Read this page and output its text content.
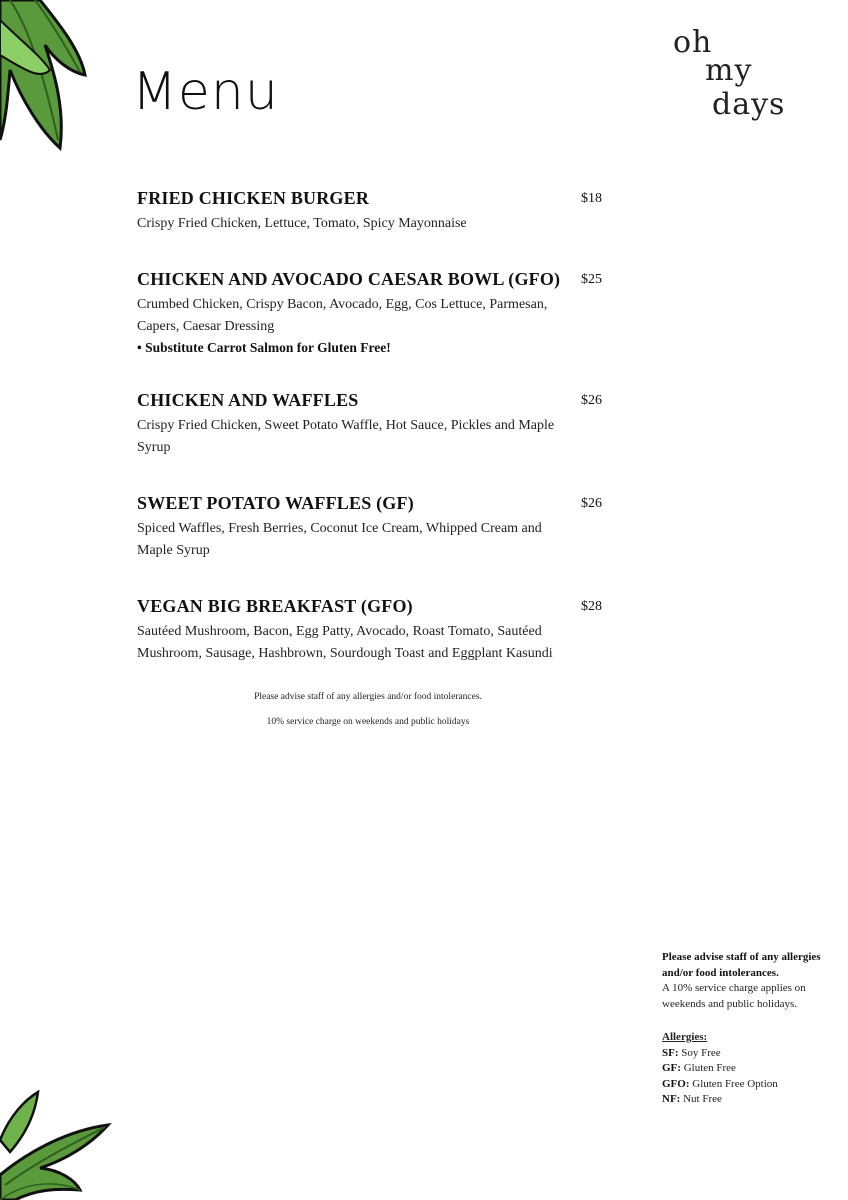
Menu
oh
my
days
FRIED CHICKEN BURGER	$18
Crispy Fried Chicken, Lettuce, Tomato, Spicy Mayonnaise
CHICKEN AND AVOCADO CAESAR BOWL (GFO) $25
Crumbed Chicken, Crispy Bacon, Avocado, Egg, Cos Lettuce, Parmesan, Capers, Caesar Dressing
• Substitute Carrot Salmon for Gluten Free!
CHICKEN AND WAFFLES	$26
Crispy Fried Chicken, Sweet Potato Waffle, Hot Sauce, Pickles and Maple Syrup
SWEET POTATO WAFFLES (GF)	$26
Spiced Waffles, Fresh Berries, Coconut Ice Cream, Whipped Cream and Maple Syrup
VEGAN BIG BREAKFAST (GFO)	$28
Sautéed Mushroom, Bacon, Egg Patty, Avocado, Roast Tomato, Sautéed Mushroom, Sausage, Hashbrown, Sourdough Toast and Eggplant Kasundi
Please advise staff of any allergies and/or food intolerances.
10% service charge on weekends and public holidays
Please advise staff of any allergies and/or food intolerances.
A 10% service charge applies on weekends and public holidays.
Allergies:
SF: Soy Free
GF: Gluten Free
GFO: Gluten Free Option
NF: Nut Free
